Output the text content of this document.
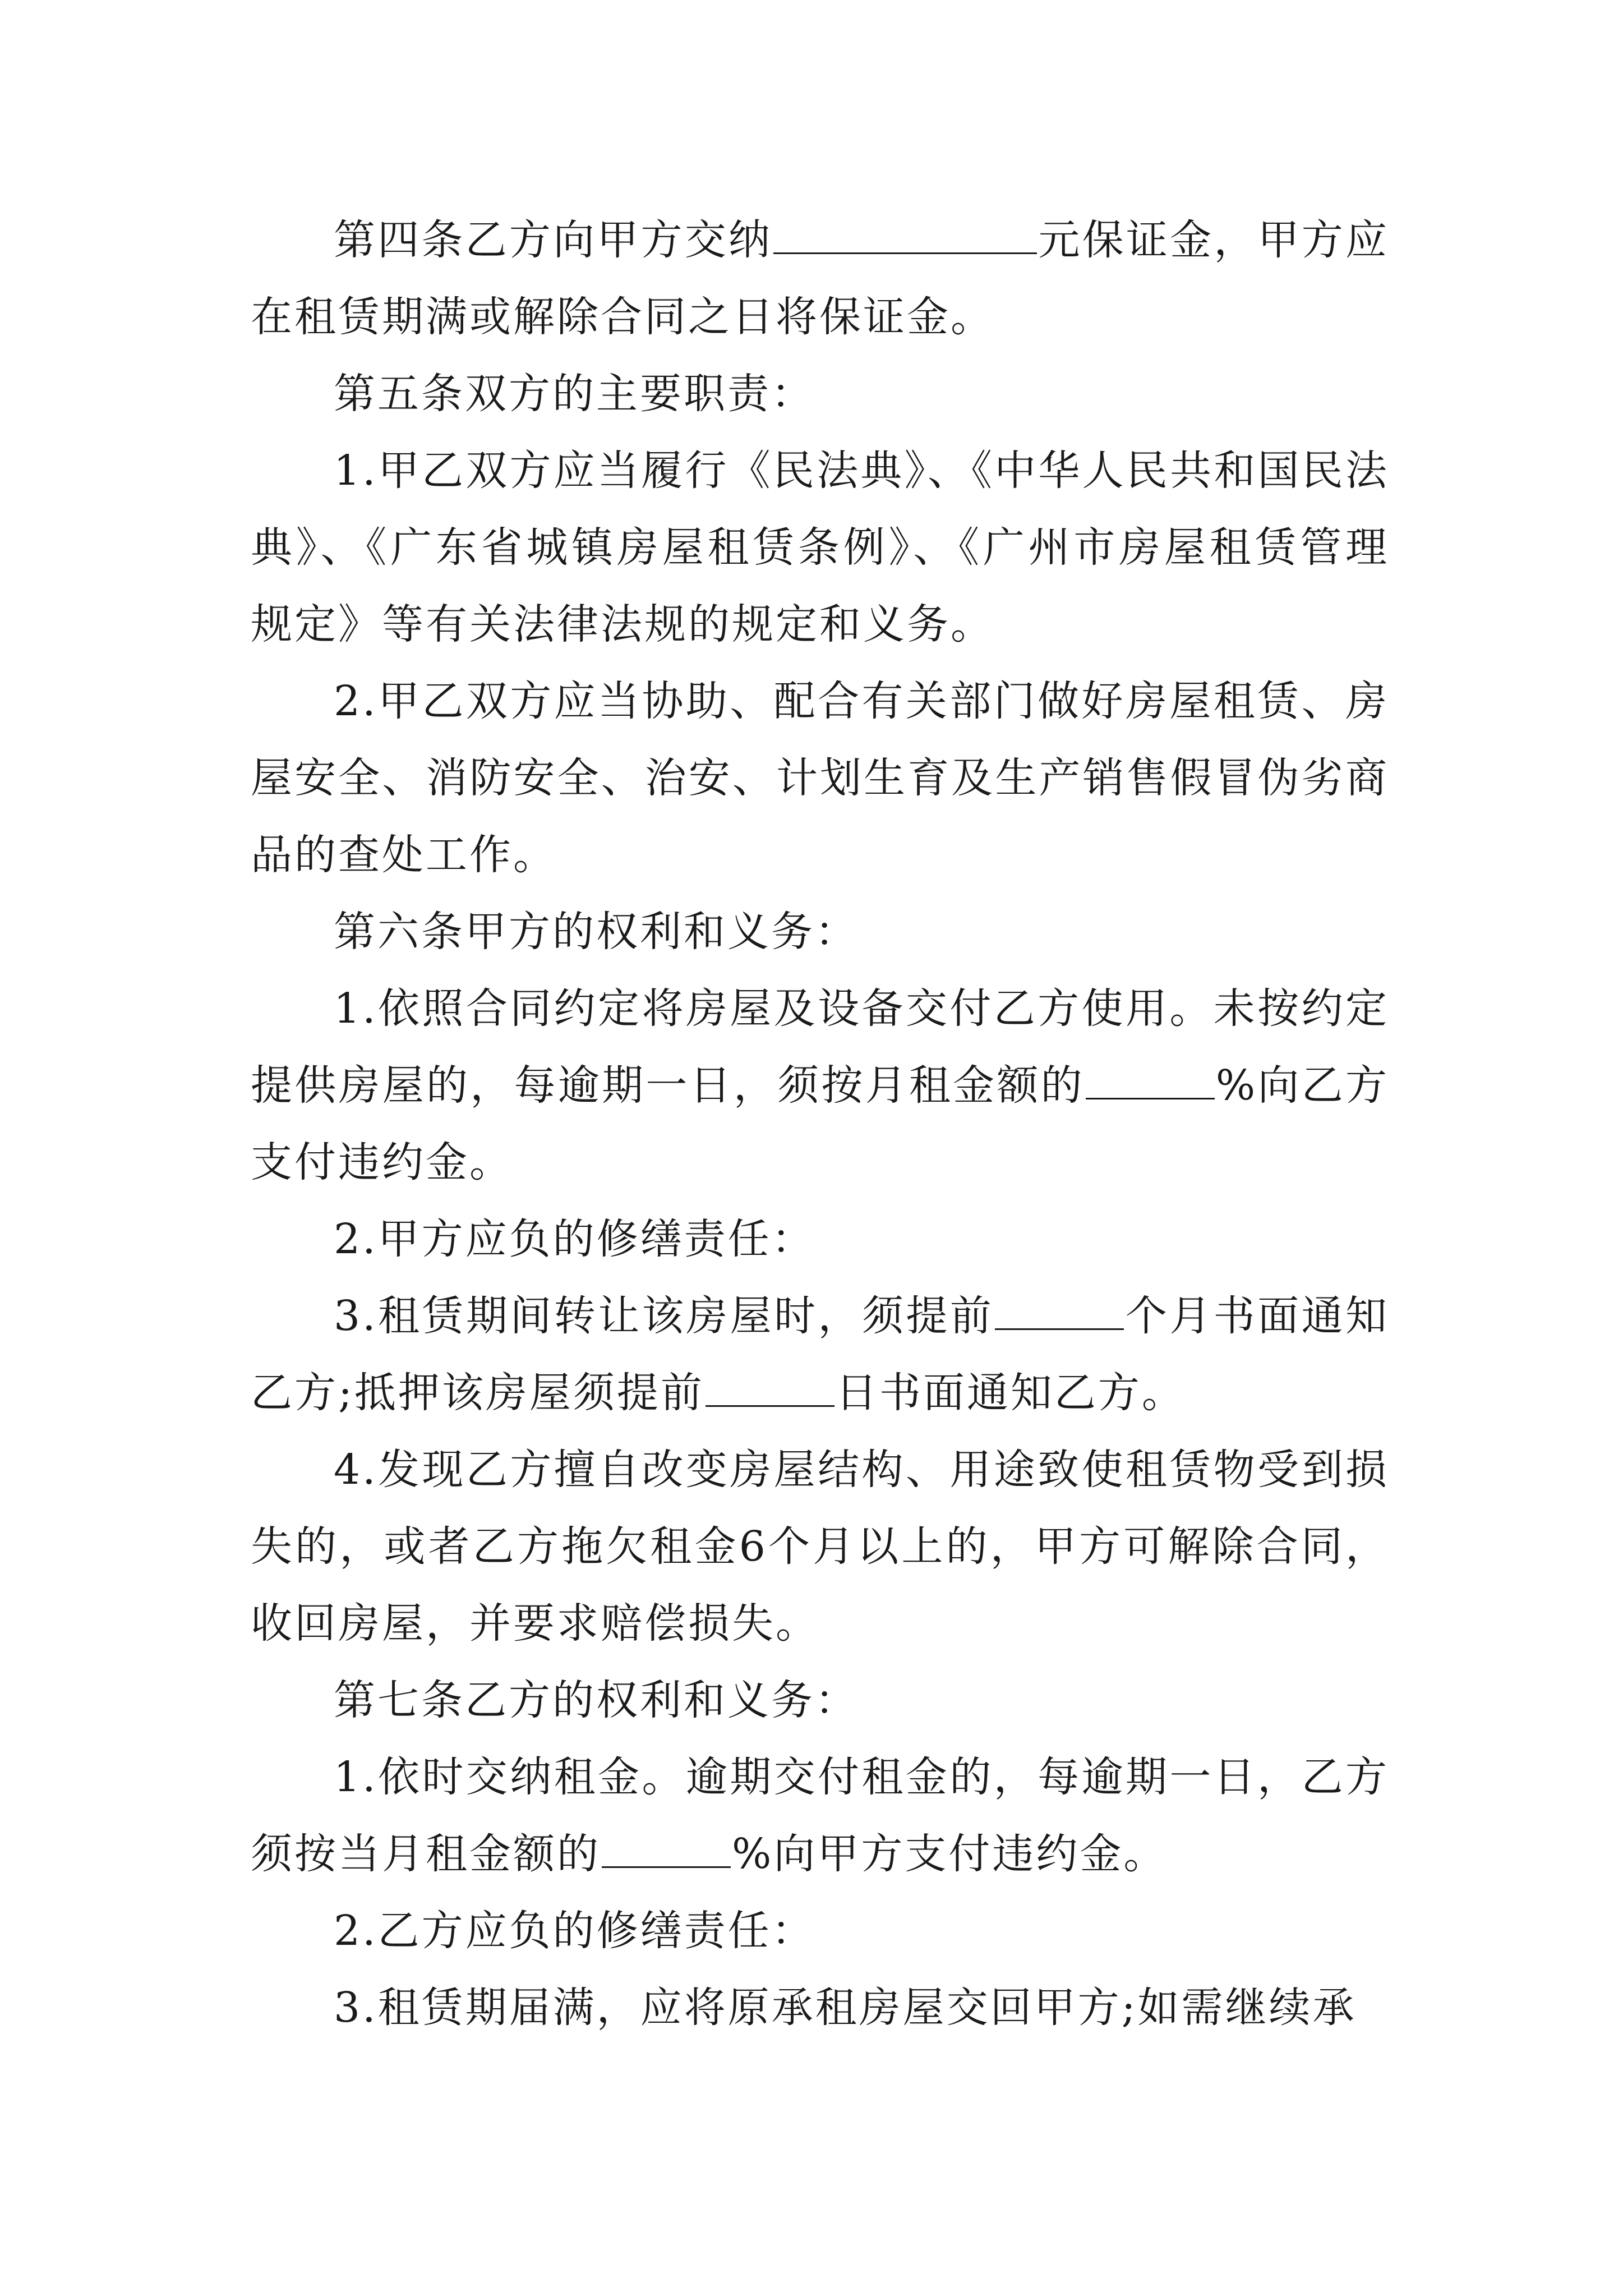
第四条乙方向甲方交纳	元保证金，甲方应在租赁期满或解除合同之日将保证金。

第五条双方的主要职责：

1.甲乙双方应当履行《民法典》、《中华人民共和国民法典》、《广东省城镇房屋租赁条例》、《广州市房屋租赁管理规定》等有关法律法规的规定和义务。

2.甲乙双方应当协助、配合有关部门做好房屋租赁、房屋安全、消防安全、治安、计划生育及生产销售假冒伪劣商品的查处工作。

第六条甲方的权利和义务：

1.依照合同约定将房屋及设备交付乙方使用。未按约定提供房屋的，每逾期一日，须按月租金额的	%向乙方支付违约金。

2.甲方应负的修缮责任：

3.租赁期间转让该房屋时，须提前	个月书面通知乙方;抵押该房屋须提前	日书面通知乙方。

4.发现乙方擅自改变房屋结构、用途致使租赁物受到损失的，或者乙方拖欠租金6个月以上的，甲方可解除合同，收回房屋，并要求赔偿损失。

第七条乙方的权利和义务：

1.依时交纳租金。逾期交付租金的，每逾期一日，乙方须按当月租金额的	%向甲方支付违约金。

2.乙方应负的修缮责任：

3.租赁期届满，应将原承租房屋交回甲方;如需继续承
